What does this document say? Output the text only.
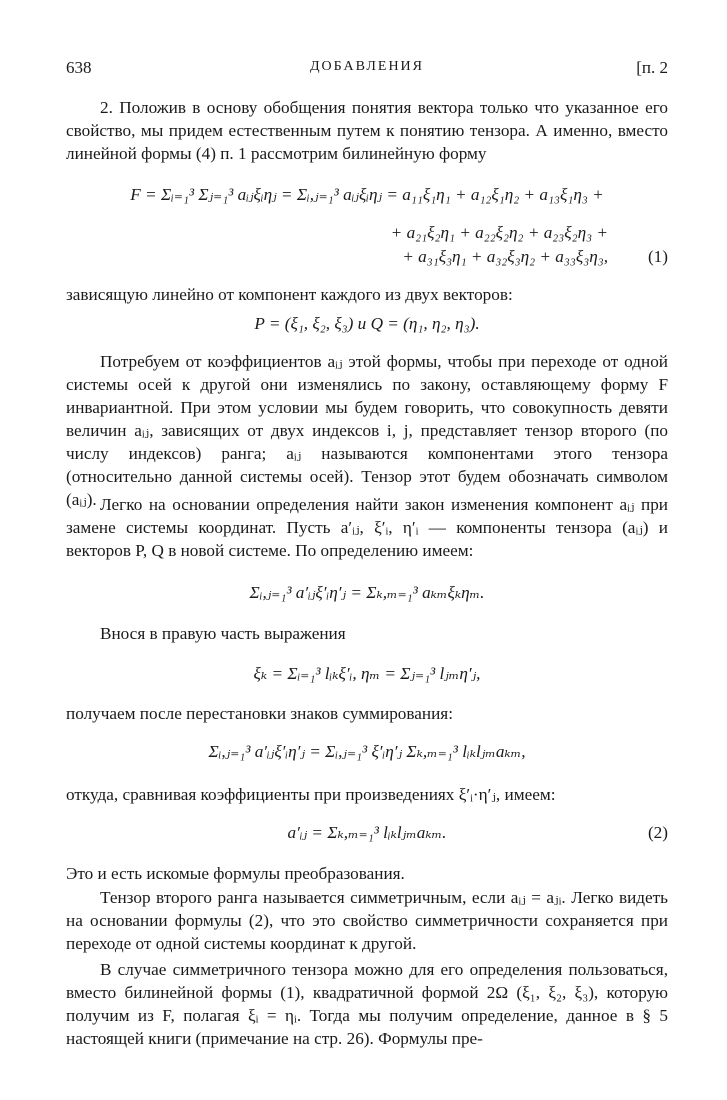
638	ДОБАВЛЕНИЯ	[п. 2

2. Положив в основу обобщения понятия вектора только что указанное его свойство, мы придем естественным путем к понятию тензора. А именно, вместо линейной формы (4) п. 1 рассмотрим билинейную форму

F = Σᵢ₌₁³ Σⱼ₌₁³ aᵢⱼξᵢηⱼ = Σᵢ,ⱼ₌₁³ aᵢⱼξᵢηⱼ = a₁₁ξ₁η₁ + a₁₂ξ₁η₂ + a₁₃ξ₁η₃ +
+ a₂₁ξ₂η₁ + a₂₂ξ₂η₂ + a₂₃ξ₂η₃ +
+ a₃₁ξ₃η₁ + a₃₂ξ₃η₂ + a₃₃ξ₃η₃, (1)

зависящую линейно от компонент каждого из двух векторов:

P = (ξ₁, ξ₂, ξ₃) и Q = (η₁, η₂, η₃).

Потребуем от коэффициентов aᵢⱼ этой формы, чтобы при переходе от одной системы осей к другой они изменялись по закону, оставляющему форму F инвариантной. При этом условии мы будем говорить, что совокупность девяти величин aᵢⱼ, зависящих от двух индексов i, j, представляет тензор второго (по числу индексов) ранга; aᵢⱼ называются компонентами этого тензора (относительно данной системы осей). Тензор этот будем обозначать символом (aᵢⱼ). Легко на основании определения найти закон изменения компонент aᵢⱼ при замене системы координат. Пусть a′ᵢⱼ, ξ′ᵢ, η′ᵢ — компоненты тензора (aᵢⱼ) и векторов P, Q в новой системе. По определению имеем:

Σᵢ,ⱼ₌₁³ a′ᵢⱼξ′ᵢη′ⱼ = Σₖ,ₘ₌₁³ aₖₘξₖηₘ.

Внося в правую часть выражения

ξₖ = Σᵢ₌₁³ lᵢₖξ′ᵢ, ηₘ = Σⱼ₌₁³ lⱼₘη′ⱼ,

получаем после перестановки знаков суммирования:

Σᵢ,ⱼ₌₁³ a′ᵢⱼξ′ᵢη′ⱼ = Σᵢ,ⱼ₌₁³ ξ′ᵢη′ⱼ Σₖ,ₘ₌₁³ lᵢₖlⱼₘaₖₘ,

откуда, сравнивая коэффициенты при произведениях ξ′ᵢ·η′ⱼ, имеем:

a′ᵢⱼ = Σₖ,ₘ₌₁³ lᵢₖlⱼₘaₖₘ.	(2)

Это и есть искомые формулы преобразования.

Тензор второго ранга называется симметричным, если aᵢⱼ = aⱼᵢ. Легко видеть на основании формулы (2), что это свойство симметричности сохраняется при переходе от одной системы координат к другой.

В случае симметричного тензора можно для его определения пользоваться, вместо билинейной формы (1), квадратичной формой 2Ω (ξ₁, ξ₂, ξ₃), которую получим из F, полагая ξᵢ = ηᵢ. Тогда мы получим определение, данное в § 5 настоящей книги (примечание на стр. 26). Формулы пре-
